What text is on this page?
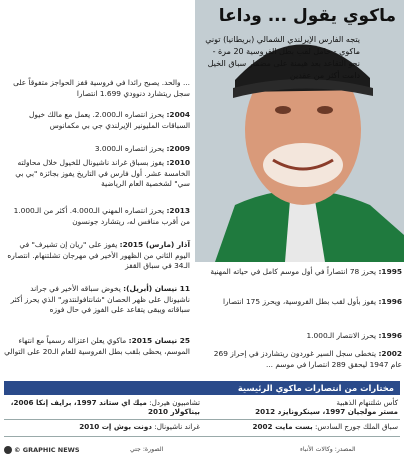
ماكوي يقول ... وداعا
يتجه الفارس الإيرلندي الشمالي (بريطانيا) توني ماكوي - حامل لقب بطل الفروسية 20 مرة - نحو التقاعد بعد هيمنة على مضمار سباق الخيل دامت أكثر من عقدين
... والحد. يصبح رائدا في فروسية قفز الحواجز متفوقاً على سجل ريتشارد دنوودي 1.699 انتصارا
2004: يحرز انتصاره الـ2.000. يعمل مع مالك خيول السباقات المليونير الإيرلندي جي بي مكمانوس
2009: يحرز انتصاره الـ3.000
2010: يفوز بسباق غراند ناشيونال للخيول خلال محاولته الخامسة عشر. أول فارس في التاريخ يفوز بجائزة "بي بي سي" لشخصية العام الرياضية
2013: يحرز انتصاره المهني الـ4.000. أكثر من الـ1.000 من أقرب منافس له، ريتشارد جونسون
آذار (مارس) 2015: يفوز على "ريان إن تشيرف" في اليوم الثاني من الظهور الأخير في مهرجان تشلتنهام. انتصاره الـ34 في سباق القفز
11 نيسان (أبريل): يخوض سباقه الأخير في جراند ناشيونال على ظهر الحصان "شانتافولنتدور" الذي يحرز أكثر سباقاته ويبقى يتقاعد على الفوز في حال فوزه
25 نيسان 2015: ماكوي يعلن اعتزاله رسمياً مع انتهاء الموسم، يحظى بلقب بطل الفروسية للعام الـ20 على التوالي
1995: يحرز 78 انتصاراً في أول موسم كامل في حياته المهنية
1996: يفوز بأول لقب بطل الفروسية، ويحرز 175 انتصارا
1996: يحرز الانتصار الـ1.000
2002: يتخطى سجل السير غوردون ريتشاردز في إحراز 269 عام 1947 ليحقق 289 انتصارا في موسم ...
مختارات من انتصارات ماكوي الرئيسية
كأس شلتنهام الذهبية
مستر مولجيان 1997، سينكرونايزد 2012
سباق الملك جورج السادس: بست مايت 2002
تشامبيون هيردل: ميك اي ستاند 1997، برايف إنكا 2006، بيناكولار 2010
غراند ناشيونال: دونت بوش إت 2010
المصدر: وكالات الأنباء
الصورة: جتي
© GRAPHIC NEWS
